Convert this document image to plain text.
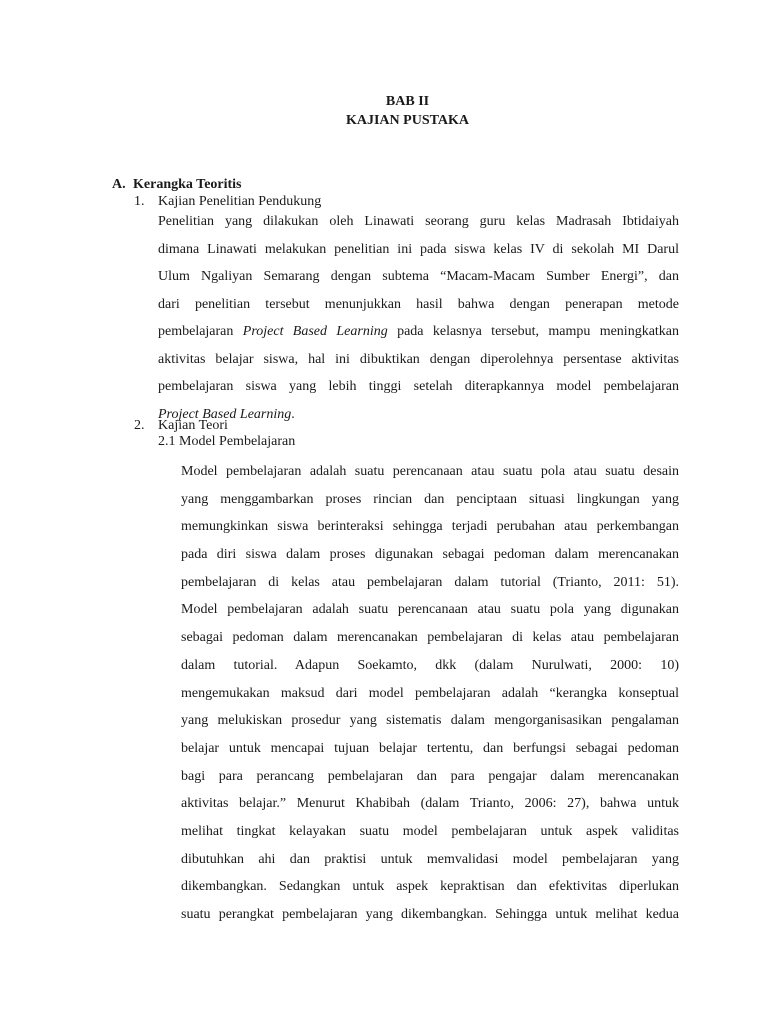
BAB II
KAJIAN PUSTAKA
A. Kerangka Teoritis
1. Kajian Penelitian Pendukung
Penelitian yang dilakukan oleh Linawati seorang guru kelas Madrasah Ibtidaiyah
dimana Linawati melakukan penelitian ini pada siswa kelas IV di sekolah MI Darul
Ulum Ngaliyan Semarang dengan subtema “Macam-Macam Sumber Energi”, dan
dari penelitian tersebut menunjukkan hasil bahwa dengan penerapan metode
pembelajaran Project Based Learning pada kelasnya tersebut, mampu meningkatkan
aktivitas belajar siswa, hal ini dibuktikan dengan diperolehnya persentase aktivitas
pembelajaran siswa yang lebih tinggi setelah diterapkannya model pembelajaran
Project Based Learning.
2. Kajian Teori
2.1 Model Pembelajaran
Model pembelajaran adalah suatu perencanaan atau suatu pola atau suatu desain
yang menggambarkan proses rincian dan penciptaan situasi lingkungan yang
memungkinkan siswa berinteraksi sehingga terjadi perubahan atau perkembangan
pada diri siswa dalam proses digunakan sebagai pedoman dalam merencanakan
pembelajaran di kelas atau pembelajaran dalam tutorial (Trianto, 2011: 51).
Model pembelajaran adalah suatu perencanaan atau suatu pola yang digunakan
sebagai pedoman dalam merencanakan pembelajaran di kelas atau pembelajaran
dalam tutorial. Adapun Soekamto, dkk (dalam Nurulwati, 2000: 10)
mengemukakan maksud dari model pembelajaran adalah “kerangka konseptual
yang melukiskan prosedur yang sistematis dalam mengorganisasikan pengalaman
belajar untuk mencapai tujuan belajar tertentu, dan berfungsi sebagai pedoman
bagi para perancang pembelajaran dan para pengajar dalam merencanakan
aktivitas belajar.” Menurut Khabibah (dalam Trianto, 2006: 27), bahwa untuk
melihat tingkat kelayakan suatu model pembelajaran untuk aspek validitas
dibutuhkan ahi dan praktisi untuk memvalidasi model pembelajaran yang
dikembangkan. Sedangkan untuk aspek kepraktisan dan efektivitas diperlukan
suatu perangkat pembelajaran yang dikembangkan. Sehingga untuk melihat kedua
